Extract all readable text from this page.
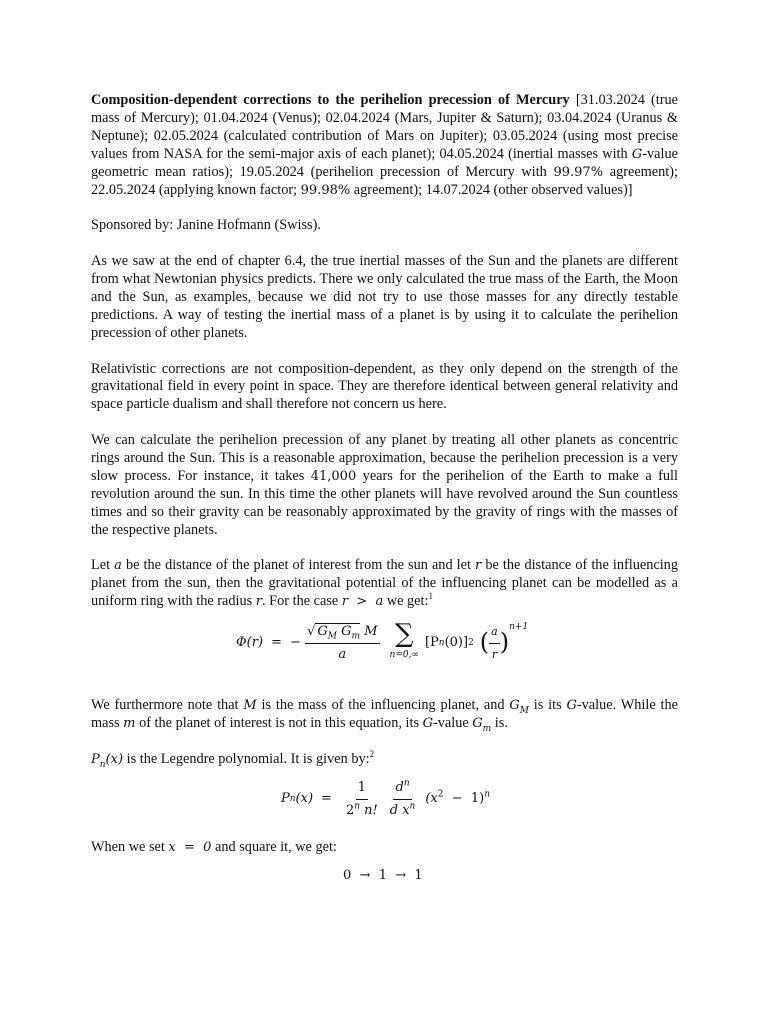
Composition-dependent corrections to the perihelion precession of Mercury [31.03.2024 (true mass of Mercury); 01.04.2024 (Venus); 02.04.2024 (Mars, Jupiter & Saturn); 03.04.2024 (Uranus & Neptune); 02.05.2024 (calculated contribution of Mars on Jupiter); 03.05.2024 (using most precise values from NASA for the semi-major axis of each planet); 04.05.2024 (inertial masses with G-value geometric mean ratios); 19.05.2024 (perihelion precession of Mercury with 99.97% agreement); 22.05.2024 (applying known factor; 99.98% agreement); 14.07.2024 (other observed values)]

Sponsored by: Janine Hofmann (Swiss).

As we saw at the end of chapter 6.4, the true inertial masses of the Sun and the planets are different from what Newtonian physics predicts. There we only calculated the true mass of the Earth, the Moon and the Sun, as examples, because we did not try to use those masses for any directly testable predictions. A way of testing the inertial mass of a planet is by using it to calculate the perihelion precession of other planets.

Relativistic corrections are not composition-dependent, as they only depend on the strength of the gravitational field in every point in space. They are therefore identical between general relativity and space particle dualism and shall therefore not concern us here.

We can calculate the perihelion precession of any planet by treating all other planets as concentric rings around the Sun. This is a reasonable approximation, because the perihelion precession is a very slow process. For instance, it takes 41,000 years for the perihelion of the Earth to make a full revolution around the sun. In this time the other planets will have revolved around the Sun countless times and so their gravity can be reasonably approximated by the gravity of rings with the masses of the respective planets.

Let a be the distance of the planet of interest from the sun and let r be the distance of the influencing planet from the sun, then the gravitational potential of the influencing planet can be modelled as a uniform ring with the radius r. For the case r  >  a we get:$^1$

Φ(r) =  − $\frac{√ G_M G_m M}{a}$ ∑
n=0,∞
[P n (0)] 2 ( $\frac{a}{r}$ )
n+1

We furthermore note that M is the mass of the influencing planet, and $G_M$ is its G-value. While the mass m of the planet of interest is not in this equation, its G-value $G_m$ is.

$P_n(x)$ is the Legendre polynomial. It is given by:$^2$

P n $(x) = \frac{1}{2^n n!} \frac{d^n}{d x^n} (x^2 - 1)^n$

When we set x  =  0 and square it, we get:

0  →  1  →  1
